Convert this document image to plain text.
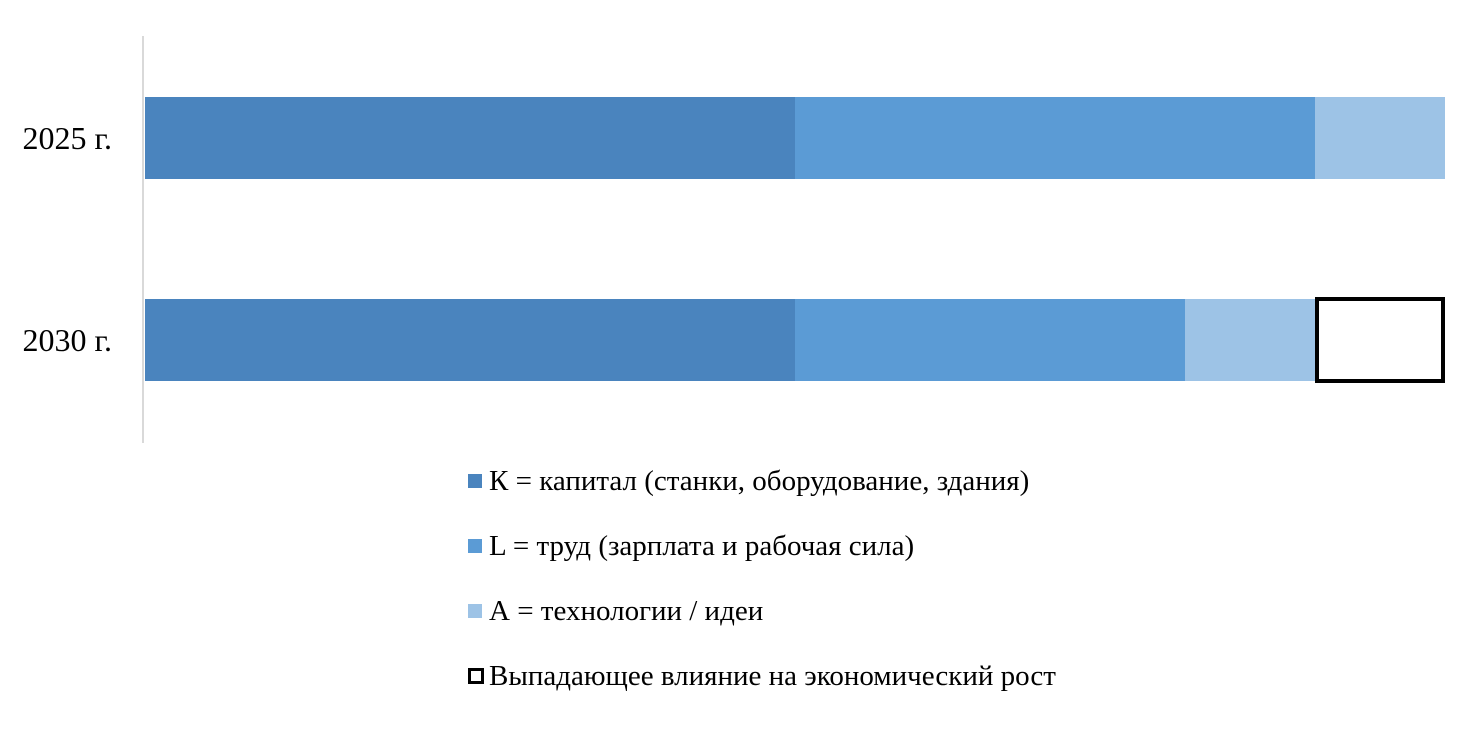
К = капитал (станки, оборудование, здания)
L = труд (зарплата и рабочая сила)
А = технологии / идеи
Выпадающее влияние на экономический рост
2025 г.
2030 г.
